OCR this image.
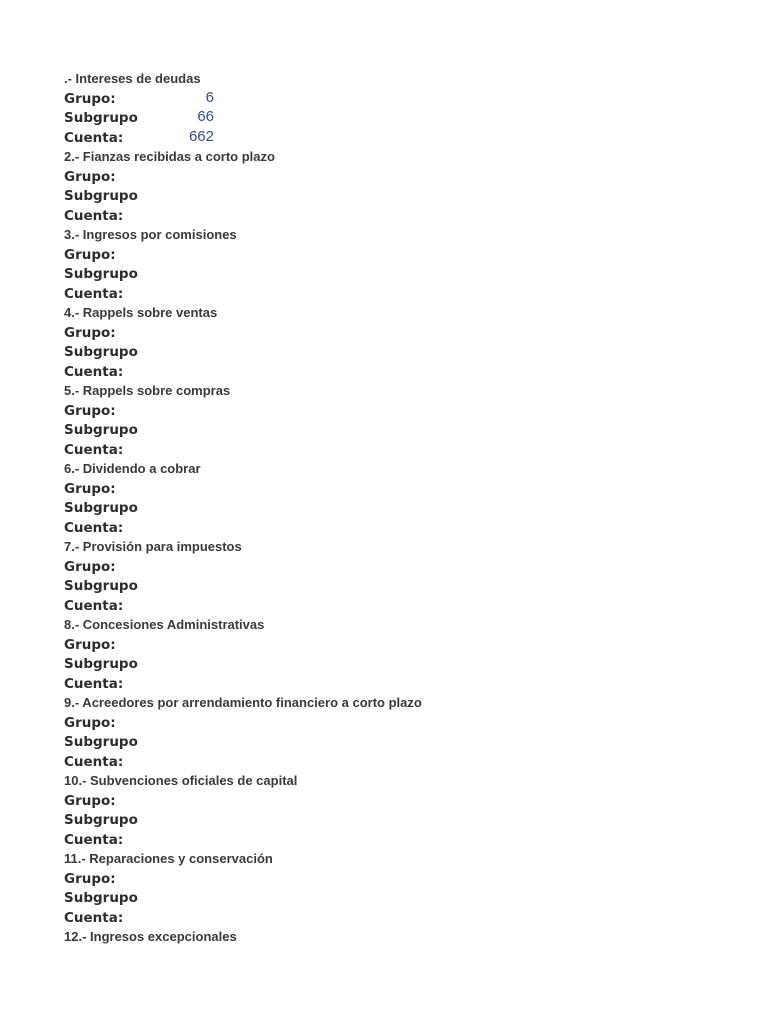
.- Intereses de deudas
Grupo:	6
Subgrupo	66
Cuenta:	662
2.- Fianzas recibidas a corto plazo
Grupo:
Subgrupo
Cuenta:
3.- Ingresos por comisiones
Grupo:
Subgrupo
Cuenta:
4.- Rappels sobre ventas
Grupo:
Subgrupo
Cuenta:
5.- Rappels sobre compras
Grupo:
Subgrupo
Cuenta:
6.- Dividendo a cobrar
Grupo:
Subgrupo
Cuenta:
7.- Provisión para impuestos
Grupo:
Subgrupo
Cuenta:
8.- Concesiones Administrativas
Grupo:
Subgrupo
Cuenta:
9.- Acreedores por arrendamiento financiero a corto plazo
Grupo:
Subgrupo
Cuenta:
10.- Subvenciones oficiales de capital
Grupo:
Subgrupo
Cuenta:
11.- Reparaciones y conservación
Grupo:
Subgrupo
Cuenta:
12.- Ingresos excepcionales
